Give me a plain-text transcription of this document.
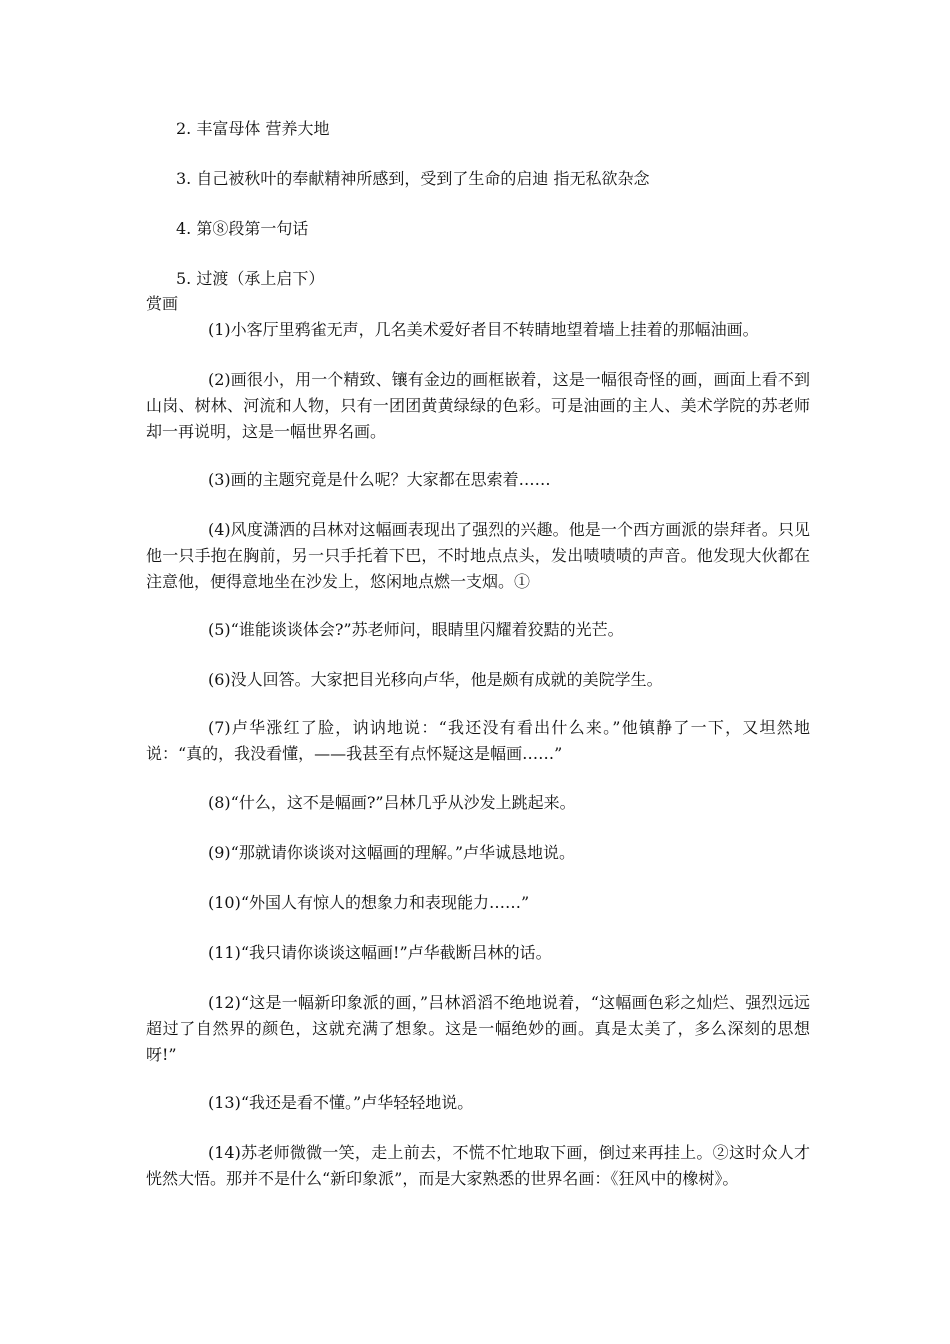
2. 丰富母体 营养大地
3. 自己被秋叶的奉献精神所感到，受到了生命的启迪 指无私欲杂念
4. 第⑧段第一句话
5. 过渡（承上启下）
赏画
(1)小客厅里鸦雀无声，几名美术爱好者目不转睛地望着墙上挂着的那幅油画。
(2)画很小，用一个精致、镶有金边的画框嵌着，这是一幅很奇怪的画，画面上看不到山岗、树林、河流和人物，只有一团团黄黄绿绿的色彩。可是油画的主人、美术学院的苏老师却一再说明，这是一幅世界名画。
(3)画的主题究竟是什么呢？大家都在思索着……
(4)风度潇洒的吕林对这幅画表现出了强烈的兴趣。他是一个西方画派的崇拜者。只见他一只手抱在胸前，另一只手托着下巴，不时地点点头，发出啧啧啧的声音。他发现大伙都在注意他，便得意地坐在沙发上，悠闲地点燃一支烟。①
(5)“谁能谈谈体会?”苏老师问，眼睛里闪耀着狡黠的光芒。
(6)没人回答。大家把目光移向卢华，他是颇有成就的美院学生。
(7)卢华涨红了脸，讷讷地说：“我还没有看出什么来。”他镇静了一下，又坦然地说：“真的，我没看懂，——我甚至有点怀疑这是幅画……”
(8)“什么，这不是幅画?”吕林几乎从沙发上跳起来。
(9)“那就请你谈谈对这幅画的理解。”卢华诚恳地说。
(10)“外国人有惊人的想象力和表现能力……”
(11)“我只请你谈谈这幅画!”卢华截断吕林的话。
(12)“这是一幅新印象派的画，”吕林滔滔不绝地说着，“这幅画色彩之灿烂、强烈远远超过了自然界的颜色，这就充满了想象。这是一幅绝妙的画。真是太美了，多么深刻的思想呀!”
(13)“我还是看不懂。”卢华轻轻地说。
(14)苏老师微微一笑，走上前去，不慌不忙地取下画，倒过来再挂上。②这时众人才恍然大悟。那并不是什么“新印象派”，而是大家熟悉的世界名画：《狂风中的橡树》。
